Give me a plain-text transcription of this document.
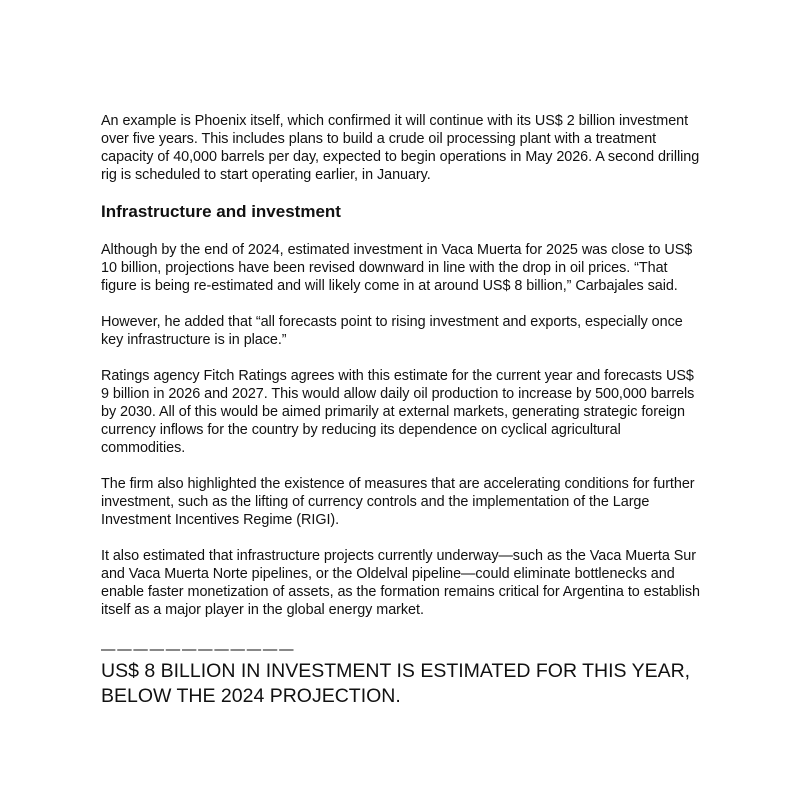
An example is Phoenix itself, which confirmed it will continue with its US$ 2 billion investment over five years. This includes plans to build a crude oil processing plant with a treatment capacity of 40,000 barrels per day, expected to begin operations in May 2026. A second drilling rig is scheduled to start operating earlier, in January.

Infrastructure and investment

Although by the end of 2024, estimated investment in Vaca Muerta for 2025 was close to US$ 10 billion, projections have been revised downward in line with the drop in oil prices. “That figure is being re-estimated and will likely come in at around US$ 8 billion,” Carbajales said.

However, he added that “all forecasts point to rising investment and exports, especially once key infrastructure is in place.”

Ratings agency Fitch Ratings agrees with this estimate for the current year and forecasts US$ 9 billion in 2026 and 2027. This would allow daily oil production to increase by 500,000 barrels by 2030. All of this would be aimed primarily at external markets, generating strategic foreign currency inflows for the country by reducing its dependence on cyclical agricultural commodities.

The firm also highlighted the existence of measures that are accelerating conditions for further investment, such as the lifting of currency controls and the implementation of the Large Investment Incentives Regime (RIGI).

It also estimated that infrastructure projects currently underway—such as the Vaca Muerta Sur and Vaca Muerta Norte pipelines, or the Oldelval pipeline—could eliminate bottlenecks and enable faster monetization of assets, as the formation remains critical for Argentina to establish itself as a major player in the global energy market.

————————————

US$ 8 BILLION IN INVESTMENT IS ESTIMATED FOR THIS YEAR, BELOW THE 2024 PROJECTION.
